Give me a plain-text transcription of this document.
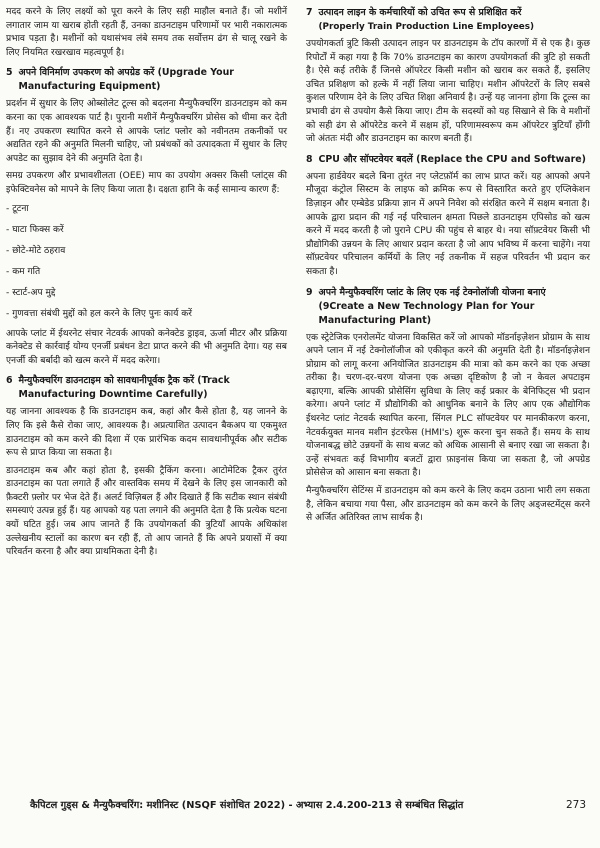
मदद करने के लिए लक्ष्यों को पूरा करने के लिए सही माहौल बनाते हैं। जो मशीनें लगातार जाम या खराब होती रहती हैं, उनका डाउनटाइम परिणामों पर भारी नकारात्मक प्रभाव पड़ता है। मशीनों को यथासंभव लंबे समय तक सर्वोत्तम ढंग से चालू रखने के लिए नियमित रखरखाव महत्वपूर्ण है।

5 अपने विनिर्माण उपकरण को अपग्रेड करें (Upgrade Your Manufacturing Equipment)

प्रदर्शन में सुधार के लिए ओब्सोलेट टूल्स को बदलना मैन्युफैक्चरिंग डाउनटाइम को कम करना का एक आवश्यक पार्ट है। पुरानी मशीनें मैन्युफैक्चरिंग प्रोसेस को धीमा कर देती हैं। नए उपकरण स्थापित करने से आपके प्लांट फ्लोर को नवीनतम तकनीकों पर अद्यतित रहने की अनुमति मिलनी चाहिए, जो प्रबंधकों को उत्पादकता में सुधार के लिए अपडेट का सुझाव देने की अनुमति देता है।

समग्र उपकरण और प्रभावशीलता (OEE) माप का उपयोग अक्सर किसी प्लांट्स की इफेक्टिवनेस को मापने के लिए किया जाता है। दक्षता हानि के कई सामान्य कारण हैं:

- टूटना
- घाटा फिक्स करें
- छोटे-मोटे ठहराव
- कम गति
- स्टार्ट-अप मुद्दे
- गुणवत्ता संबंधी मुद्दों को हल करने के लिए पुनः कार्य करें

आपके प्लांट में ईथरनेट संचार नेटवर्क आपको कनेक्टेड ड्राइव, ऊर्जा मीटर और प्रक्रिया कनेक्टेड से कार्रवाई योग्य एनर्जी प्रबंधन डेटा प्राप्त करने की भी अनुमति देगा। यह सब एनर्जी की बर्बादी को खत्म करने में मदद करेगा।

6 मैन्युफैक्चरिंग डाउनटाइम को सावधानीपूर्वक ट्रैक करें (Track Manufacturing Downtime Carefully)

यह जानना आवश्यक है कि डाउनटाइम कब, कहां और कैसे होता है, यह जानने के लिए कि इसे कैसे रोका जाए, आवश्यक है। अप्रत्याशित उत्पादन बैकअप या एकमुश्त डाउनटाइम को कम करने की दिशा में एक प्रारंभिक कदम सावधानीपूर्वक और सटीक रूप से प्राप्त किया जा सकता है।

डाउनटाइम कब और कहां होता है, इसकी ट्रैकिंग करना। आटोमेटिक ट्रैकर तुरंत डाउनटाइम का पता लगाते हैं और वास्तविक समय में देखने के लिए इस जानकारी को फ़ैक्टरी फ़्लोर पर भेज देते हैं। अलर्ट विज़िबल हैं और दिखाते हैं कि सटीक स्थान संबंधी समस्याएं उत्पन्न हुई हैं। यह आपको यह पता लगाने की अनुमति देता है कि प्रत्येक घटना क्यों घटित हुई। जब आप जानते हैं कि उपयोगकर्ता की त्रुटियाँ आपके अधिकांश उल्लेखनीय स्टालों का कारण बन रही हैं, तो आप जानते हैं कि अपने प्रयासों में क्या परिवर्तन करना है और क्या प्राथमिकता देनी है।

7 उत्पादन लाइन के कर्मचारियों को उचित रूप से प्रशिक्षित करें
(Properly Train Production Line Employees)

उपयोगकर्ता त्रुटि किसी उत्पादन लाइन पर डाउनटाइम के टॉप कारणों में से एक है। कुछ रिपोर्टों में कहा गया है कि 70% डाउनटाइम का कारण उपयोगकर्ता की त्रुटि हो सकती है। ऐसे कई तरीके हैं जिनसे ऑपरेटर किसी मशीन को खराब कर सकते हैं, इसलिए उचित प्रशिक्षण को हल्के में नहीं लिया जाना चाहिए। मशीन ऑपरेटरों के लिए सबसे कुशल परिणाम देने के लिए उचित शिक्षा अनिवार्य है। उन्हें यह जानना होगा कि टूल्स का प्रभावी ढंग से उपयोग कैसे किया जाए। टीम के सदस्यों को यह सिखाने से कि वे मशीनों को सही ढंग से ऑपरेटेड करने में सक्षम हों, परिणामस्वरूप कम ऑपरेटर त्रुटियाँ होंगी जो अंततः मंदी और डाउनटाइम का कारण बनती हैं।

8 CPU और सॉफ्टवेयर बदलें (Replace the CPU and Software)

अपना हार्डवेयर बदले बिना तुरंत नए प्लेटफ़ॉर्म का लाभ प्राप्त करें। यह आपको अपने मौजूदा कंट्रोल सिस्टम के लाइफ को क्रमिक रूप से विस्तारित करते हुए एप्लिकेशन डिज़ाइन और एम्बेडेड प्रक्रिया ज्ञान में अपने निवेश को संरक्षित करने में सक्षम बनाता है। आपके द्वारा प्रदान की गई नई परिचालन क्षमता पिछले डाउनटाइम एपिसोड को खत्म करने में मदद करती है जो पुराने CPU की पहुंच से बाहर थे। नया सॉफ़्टवेयर किसी भी प्रौद्योगिकी उन्नयन के लिए आधार प्रदान करता है जो आप भविष्य में करना चाहेंगे। नया सॉफ़्टवेयर परिचालन कर्मियों के लिए नई तकनीक में सहज परिवर्तन भी प्रदान कर सकता है।

9 अपने मैन्युफैक्चरिंग प्लांट के लिए एक नई टेक्नोलॉजी योजना बनाएं (9Create a New Technology Plan for Your Manufacturing Plant)

एक स्ट्रेटेजिक एनरोलमेंट योजना विकसित करें जो आपको मॉडर्नाइज़ेशन प्रोग्राम के साथ अपने प्लान में नई टेक्नोलॉजीज को एकीकृत करने की अनुमति देती है। मॉडर्नाइज़ेशन प्रोग्राम को लागू करना अनियोजित डाउनटाइम की मात्रा को कम करने का एक अच्छा तरीका है। चरण-दर-चरण योजना एक अच्छा दृष्टिकोण है जो न केवल अपटाइम बढ़ाएगा, बल्कि आपकी प्रोसेसिंग सुविधा के लिए कई प्रकार के बेनिफिट्स भी प्रदान करेगा। अपने प्लांट में प्रौद्योगिकी को आधुनिक बनाने के लिए आप एक औद्योगिक ईथरनेट प्लांट नेटवर्क स्थापित करना, सिंगल PLC सॉफ्टवेयर पर मानकीकरण करना, नेटवर्कयुक्त मानव मशीन इंटरफेस (HMI's) शुरू करना चुन सकते हैं। समय के साथ योजनाबद्ध छोटे उन्नयनों के साथ बजट को अधिक आसानी से बनाए रखा जा सकता है। उन्हें संभवतः कई विभागीय बजटों द्वारा फ़ाइनांस किया जा सकता है, जो अपग्रेड प्रोसेसेज को आसान बना सकता है।

मैन्युफैक्चरिंग सेटिंग्स में डाउनटाइम को कम करने के लिए कदम उठाना भारी लग सकता है, लेकिन बचाया गया पैसा, और डाउनटाइम को कम करने के लिए अड्जस्टमेंट्स करने से अर्जित अतिरिक्त लाभ सार्थक है।

कैपिटल गुड्स & मैन्युफैक्चरिंग: मशीनिस्ट (NSQF संशोधित 2022) - अभ्यास 2.4.200-213 से सम्बंधित सिद्धांत	273
